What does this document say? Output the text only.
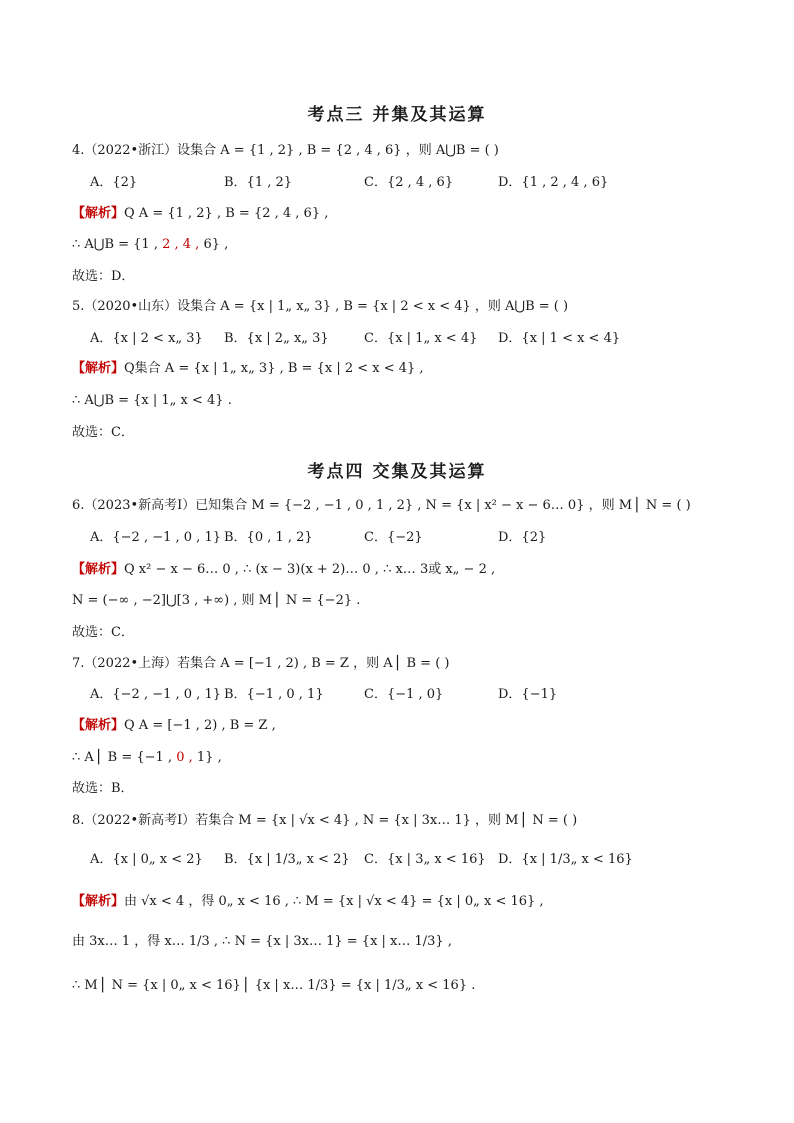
考点三 并集及其运算
4.（2022•浙江）设集合 A = {1 , 2} , B = {2 , 4 , 6} ，则 A⋃B = ( )
A．{2}	B．{1 , 2}	C．{2 , 4 , 6}	D．{1 , 2 , 4 , 6}
【解析】Q A = {1 , 2} , B = {2 , 4 , 6} ,
∴ A⋃B = {1 , 2 , 4 , 6} ,
故选：D．
5.（2020•山东）设集合 A = {x | 1„ x„ 3} , B = {x | 2 < x < 4} ，则 A⋃B = ( )
A．{x | 2 < x„ 3} B．{x | 2„ x„ 3}	C．{x | 1„ x < 4} D．{x | 1 < x < 4}
【解析】Q集合 A = {x | 1„ x„ 3} , B = {x | 2 < x < 4} ,
∴ A⋃B = {x | 1„ x < 4} .
故选：C．
考点四 交集及其运算
6.（2023•新高考Ⅰ）已知集合 M = {−2 , −1 , 0 , 1 , 2} , N = {x | x² − x − 6… 0} ，则 M⎪ N = ( )
A．{−2 , −1 , 0 , 1} B．{0 , 1 , 2}	C．{−2}	D．{2}
【解析】Q x² − x − 6… 0 , ∴ (x − 3)(x + 2)… 0 , ∴ x… 3或 x„ − 2 ,
N = (−∞ , −2]⋃[3 , +∞) , 则 M⎪ N = {−2} .
故选：C．
7.（2022•上海）若集合 A = [−1 , 2) , B = Z ，则 A⎪ B = ( )
A．{−2 , −1 , 0 , 1} B．{−1 , 0 , 1}	C．{−1 , 0}	D．{−1}
【解析】Q A = [−1 , 2) , B = Z ,
∴ A⎪ B = {−1 , 0 , 1} ,
故选：B．
8.（2022•新高考Ⅰ）若集合 M = {x | √x < 4} , N = {x | 3x… 1} ，则 M⎪ N = ( )
A．{x | 0„ x < 2} B．{x | 1/3„ x < 2} C．{x | 3„ x < 16} D．{x | 1/3„ x < 16}
【解析】由 √x < 4 ，得 0„ x < 16 , ∴ M = {x | √x < 4} = {x | 0„ x < 16} ,
由 3x… 1 ，得 x… 1/3 , ∴ N = {x | 3x… 1} = {x | x… 1/3} ,
∴ M⎪ N = {x | 0„ x < 16}⎪ {x | x… 1/3} = {x | 1/3„ x < 16} .
